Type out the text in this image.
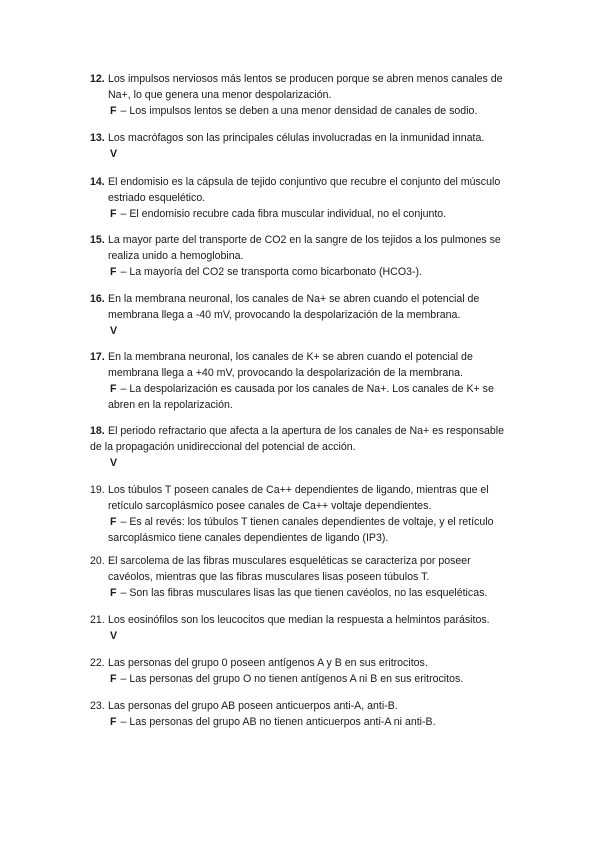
12. Los impulsos nerviosos más lentos se producen porque se abren menos canales de

Na+, lo que genera una menor despolarización.

F – Los impulsos lentos se deben a una menor densidad de canales de sodio.

13. Los macrófagos son las principales células involucradas en la inmunidad innata.

V

14. El endomisio es la cápsula de tejido conjuntivo que recubre el conjunto del músculo

estriado esquelético.

F – El endomisio recubre cada fibra muscular individual, no el conjunto.

15. La mayor parte del transporte de CO2 en la sangre de los tejidos a los pulmones se

realiza unido a hemoglobina.

F – La mayoría del CO2 se transporta como bicarbonato (HCO3-).

16. En la membrana neuronal, los canales de Na+ se abren cuando el potencial de

membrana llega a -40 mV, provocando la despolarización de la membrana.

V

17. En la membrana neuronal, los canales de K+ se abren cuando el potencial de

membrana llega a +40 mV, provocando la despolarización de la membrana.

F – La despolarización es causada por los canales de Na+. Los canales de K+ se

abren en la repolarización.

18. El periodo refractario que afecta a la apertura de los canales de Na+ es responsable

de la propagación unidireccional del potencial de acción.

V

19. Los túbulos T poseen canales de Ca++ dependientes de ligando, mientras que el

retículo sarcoplásmico posee canales de Ca++ voltaje dependientes.

F – Es al revés: los túbulos T tienen canales dependientes de voltaje, y el retículo

sarcoplásmico tiene canales dependientes de ligando (IP3).

20. El sarcolema de las fibras musculares esqueléticas se caracteriza por poseer

cavéolos, mientras que las fibras musculares lisas poseen túbulos T.

F – Son las fibras musculares lisas las que tienen cavéolos, no las esqueléticas.

21. Los eosinófilos son los leucocitos que median la respuesta a helmintos parásitos.

V

22. Las personas del grupo 0 poseen antígenos A y B en sus eritrocitos.

F – Las personas del grupo O no tienen antígenos A ni B en sus eritrocitos.

23. Las personas del grupo AB poseen anticuerpos anti-A, anti-B.

F – Las personas del grupo AB no tienen anticuerpos anti-A ni anti-B.
